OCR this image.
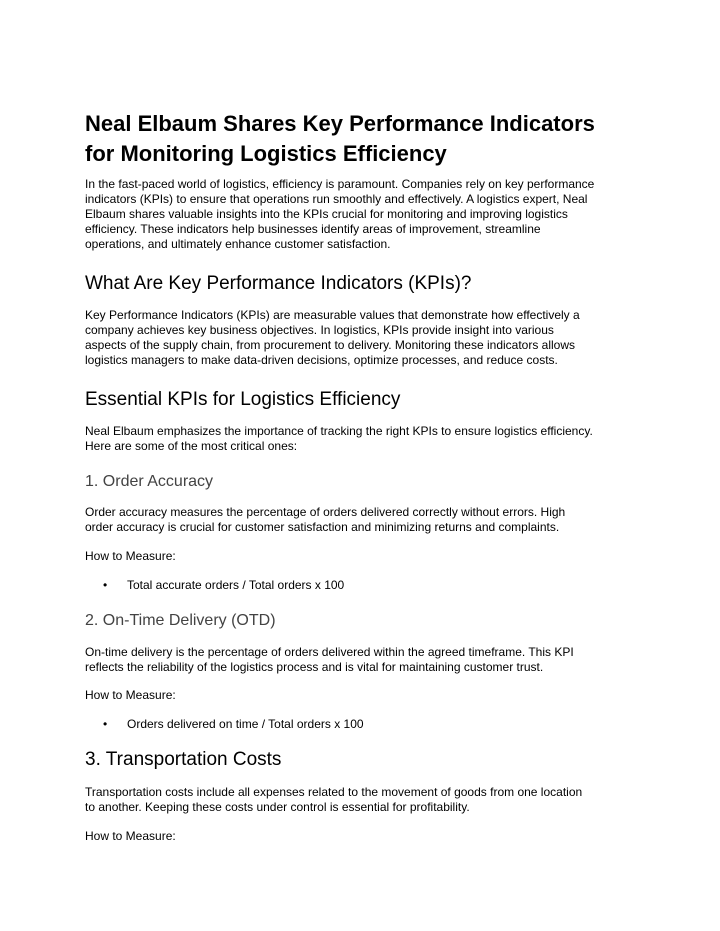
Neal Elbaum Shares Key Performance Indicators
for Monitoring Logistics Efficiency

In the fast-paced world of logistics, efficiency is paramount. Companies rely on key performance
indicators (KPIs) to ensure that operations run smoothly and effectively. A logistics expert, Neal
Elbaum shares valuable insights into the KPIs crucial for monitoring and improving logistics
efficiency. These indicators help businesses identify areas of improvement, streamline
operations, and ultimately enhance customer satisfaction.

What Are Key Performance Indicators (KPIs)?

Key Performance Indicators (KPIs) are measurable values that demonstrate how effectively a
company achieves key business objectives. In logistics, KPIs provide insight into various
aspects of the supply chain, from procurement to delivery. Monitoring these indicators allows
logistics managers to make data-driven decisions, optimize processes, and reduce costs.

Essential KPIs for Logistics Efficiency

Neal Elbaum emphasizes the importance of tracking the right KPIs to ensure logistics efficiency.
Here are some of the most critical ones:

1. Order Accuracy

Order accuracy measures the percentage of orders delivered correctly without errors. High
order accuracy is crucial for customer satisfaction and minimizing returns and complaints.

How to Measure:

• Total accurate orders / Total orders x 100
2. On-Time Delivery (OTD)

On-time delivery is the percentage of orders delivered within the agreed timeframe. This KPI
reflects the reliability of the logistics process and is vital for maintaining customer trust.

How to Measure:

• Orders delivered on time / Total orders x 100
3. Transportation Costs

Transportation costs include all expenses related to the movement of goods from one location
to another. Keeping these costs under control is essential for profitability.

How to Measure:
